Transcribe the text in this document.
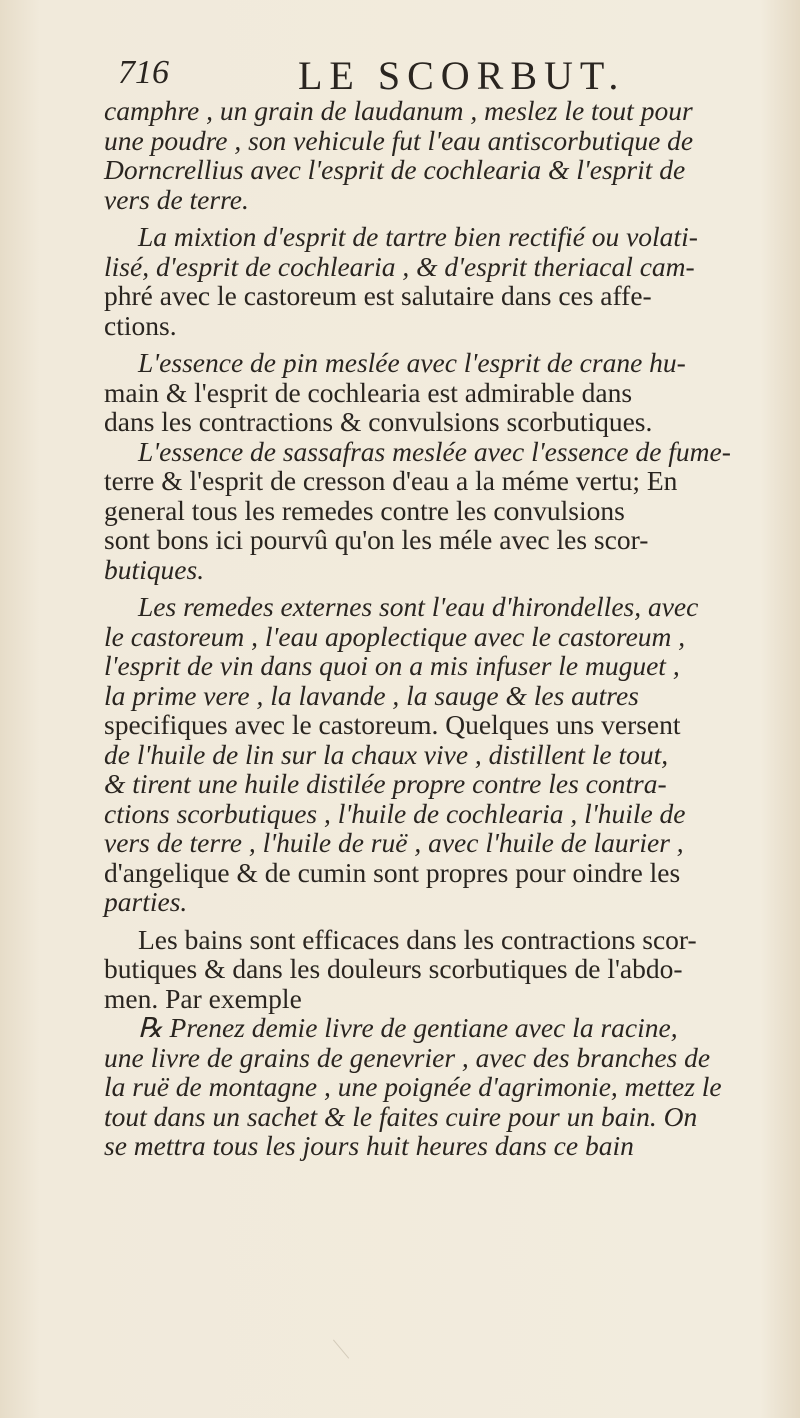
716	LE SCORBUT.
camphre , un grain de laudanum , meslez le tout pour
une poudre , son vehicule fut l'eau antiscorbutique de
Dorncrellius avec l'esprit de cochlearia & l'esprit de
vers de terre.
La mixtion d'esprit de tartre bien rectifié ou volati-
lisé, d'esprit de cochlearia , & d'esprit theriacal cam-
phré avec le castoreum est salutaire dans ces affe-
ctions.
L'essence de pin meslée avec l'esprit de crane hu-
main & l'esprit de cochlearia est admirable dans
dans les contractions & convulsions scorbutiques.
L'essence de sassafras meslée avec l'essence de fume-
terre & l'esprit de cresson d'eau a la méme vertu; En
general tous les remedes contre les convulsions
sont bons ici pourvû qu'on les méle avec les scor-
butiques.
Les remedes externes sont l'eau d'hirondelles, avec
le castoreum , l'eau apoplectique avec le castoreum ,
l'esprit de vin dans quoi on a mis infuser le muguet ,
la prime vere , la lavande , la sauge & les autres
specifiques avec le castoreum. Quelques uns versent
de l'huile de lin sur la chaux vive , distillent le tout,
& tirent une huile distilée propre contre les contra-
ctions scorbutiques , l'huile de cochlearia , l'huile de
vers de terre , l'huile de ruë , avec l'huile de laurier ,
d'angelique & de cumin sont propres pour oindre les
parties.
Les bains sont efficaces dans les contractions scor-
butiques & dans les douleurs scorbutiques de l'abdo-
men. Par exemple
℞ Prenez demie livre de gentiane avec la racine,
une livre de grains de genevrier , avec des branches de
la ruë de montagne , une poignée d'agrimonie, mettez le
tout dans un sachet & le faites cuire pour un bain. On
se mettra tous les jours huit heures dans ce bain
